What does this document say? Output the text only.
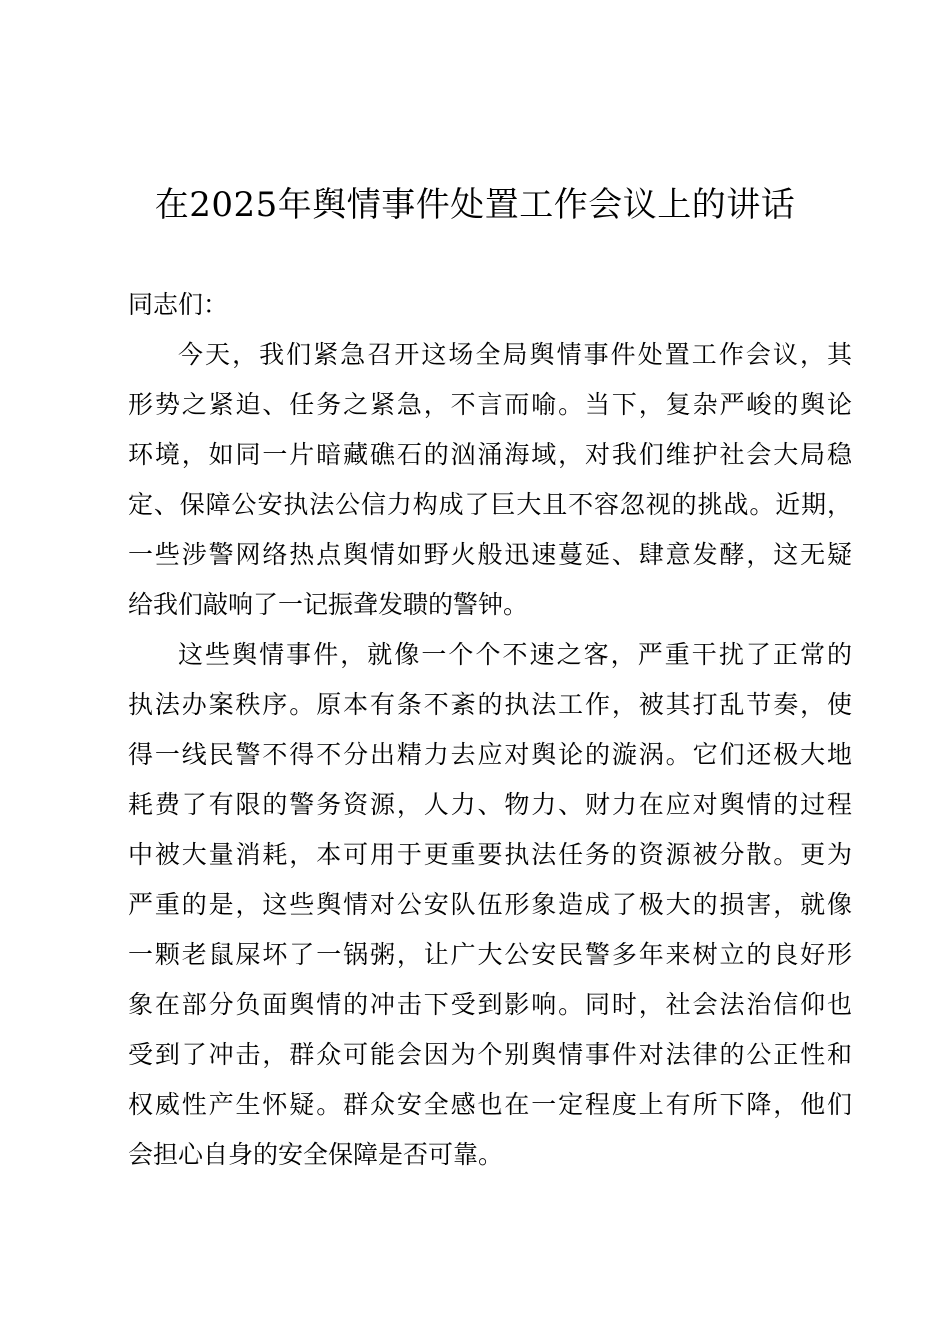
在2025年舆情事件处置工作会议上的讲话
同志们：
今天，我们紧急召开这场全局舆情事件处置工作会议，其
形势之紧迫、任务之紧急，不言而喻。当下，复杂严峻的舆论
环境，如同一片暗藏礁石的汹涌海域，对我们维护社会大局稳
定、保障公安执法公信力构成了巨大且不容忽视的挑战。近期，
一些涉警网络热点舆情如野火般迅速蔓延、肆意发酵，这无疑
给我们敲响了一记振聋发聩的警钟。
这些舆情事件，就像一个个不速之客，严重干扰了正常的
执法办案秩序。原本有条不紊的执法工作，被其打乱节奏，使
得一线民警不得不分出精力去应对舆论的漩涡。它们还极大地
耗费了有限的警务资源，人力、物力、财力在应对舆情的过程
中被大量消耗，本可用于更重要执法任务的资源被分散。更为
严重的是，这些舆情对公安队伍形象造成了极大的损害，就像
一颗老鼠屎坏了一锅粥，让广大公安民警多年来树立的良好形
象在部分负面舆情的冲击下受到影响。同时，社会法治信仰也
受到了冲击，群众可能会因为个别舆情事件对法律的公正性和
权威性产生怀疑。群众安全感也在一定程度上有所下降，他们
会担心自身的安全保障是否可靠。
